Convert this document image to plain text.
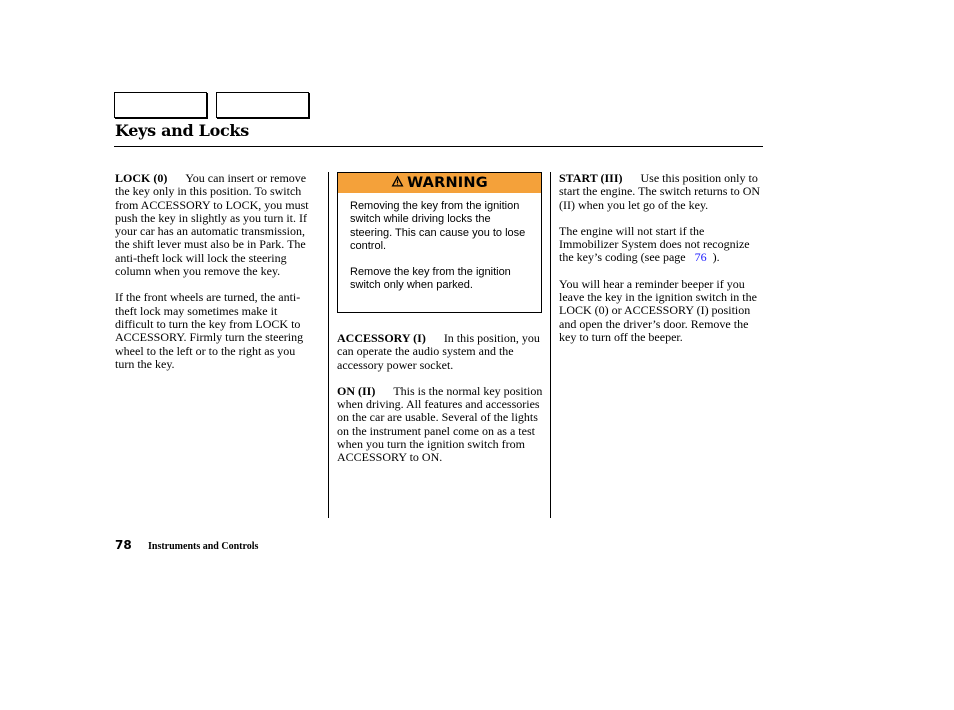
Keys and Locks

LOCK (0) You can insert or remove the key only in this position. To switch from ACCESSORY to LOCK, you must push the key in slightly as you turn it. If your car has an automatic transmission, the shift lever must also be in Park. The anti-theft lock will lock the steering column when you remove the key.

If the front wheels are turned, the anti-theft lock may sometimes make it difficult to turn the key from LOCK to ACCESSORY. Firmly turn the steering wheel to the left or to the right as you turn the key.

WARNING

Removing the key from the ignition switch while driving locks the steering. This can cause you to lose control.

Remove the key from the ignition switch only when parked.

ACCESSORY (I) In this position, you can operate the audio system and the accessory power socket.

ON (II) This is the normal key position when driving. All features and accessories on the car are usable. Several of the lights on the instrument panel come on as a test when you turn the ignition switch from ACCESSORY to ON.

START (III) Use this position only to start the engine. The switch returns to ON (II) when you let go of the key.

The engine will not start if the Immobilizer System does not recognize the key’s coding (see page 76 ).

You will hear a reminder beeper if you leave the key in the ignition switch in the LOCK (0) or ACCESSORY (I) position and open the driver’s door. Remove the key to turn off the beeper.

78 Instruments and Controls
